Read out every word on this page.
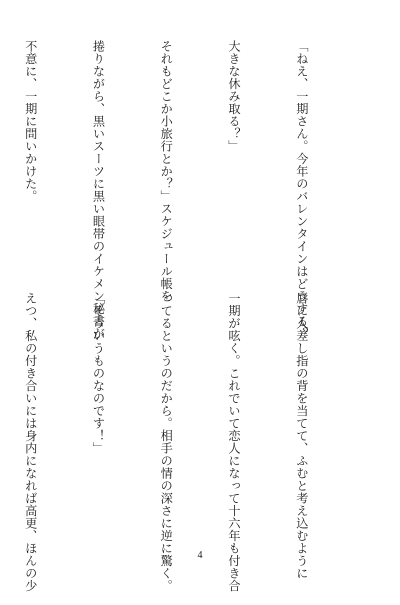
「ねえ、一期さん。今年のバレンタインはどうする？

大きな休み取る？」

それもどこか小旅行とか？」スケジュール帳を

捲りながら、黒いスーツに黒い眼帯のイケメン秘書が

不意に、一期に問いかけた。

唇に人差し指の背を当てて、ふむと考え込むように

一期が呟く。これでいて恋人になって十六年も付き合

ってるというのだから。相手の情の深さに逆に驚く。

「そういうものなのです！」

えつ、私の付き合いには身内になれば高更、ほんの少

	4
